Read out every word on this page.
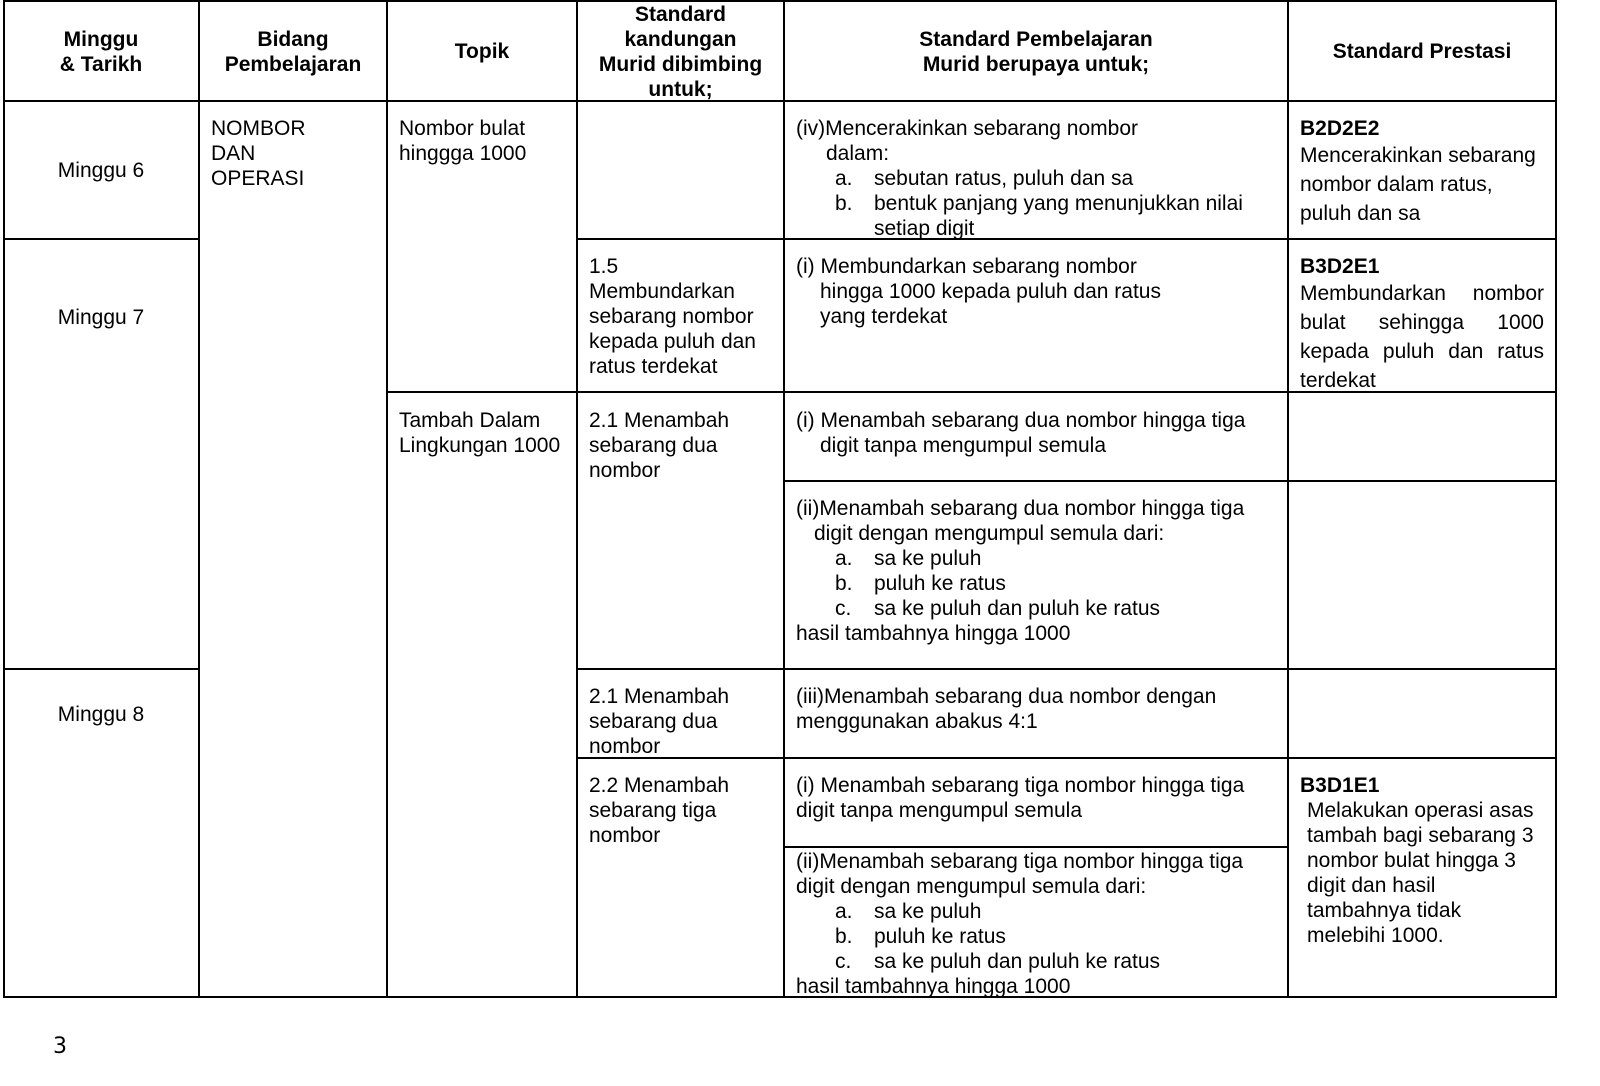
Minggu
& Tarikh
Bidang
Pembelajaran
Topik
Standard
kandungan
Murid dibimbing
untuk;
Standard Pembelajaran
Murid berupaya untuk;
Standard Prestasi
Minggu 6
Minggu 7
Minggu 8
NOMBOR
DAN
OPERASI
Nombor bulat
hinggga 1000
Tambah Dalam
Lingkungan 1000
1.5
Membundarkan
sebarang nombor
kepada puluh dan
ratus terdekat
2.1 Menambah
sebarang dua
nombor
2.1 Menambah
sebarang dua
nombor
2.2 Menambah
sebarang tiga
nombor
(iv)Mencerakinkan sebarang nombor
dalam:
a. sebutan ratus, puluh dan sa
b. bentuk panjang yang menunjukkan nilai
setiap digit
(i) Membundarkan sebarang nombor
hingga 1000 kepada puluh dan ratus
yang terdekat
(i) Menambah sebarang dua nombor hingga tiga
digit tanpa mengumpul semula
(ii)Menambah sebarang dua nombor hingga tiga
digit dengan mengumpul semula dari:
a. sa ke puluh
b. puluh ke ratus
c. sa ke puluh dan puluh ke ratus
hasil tambahnya hingga 1000
(iii)Menambah sebarang dua nombor dengan
menggunakan abakus 4:1
(i) Menambah sebarang tiga nombor hingga tiga
digit tanpa mengumpul semula
(ii)Menambah sebarang tiga nombor hingga tiga
digit dengan mengumpul semula dari:
a. sa ke puluh
b. puluh ke ratus
c. sa ke puluh dan puluh ke ratus
hasil tambahnya hingga 1000
B2D2E2
Mencerakinkan sebarang
nombor dalam ratus,
puluh dan sa
B3D2E1
Membundarkan nombor
bulat sehingga 1000
kepada puluh dan ratus
terdekat
B3D1E1
Melakukan operasi asas
tambah bagi sebarang 3
nombor bulat hingga 3
digit dan hasil
tambahnya tidak
melebihi 1000.
3
